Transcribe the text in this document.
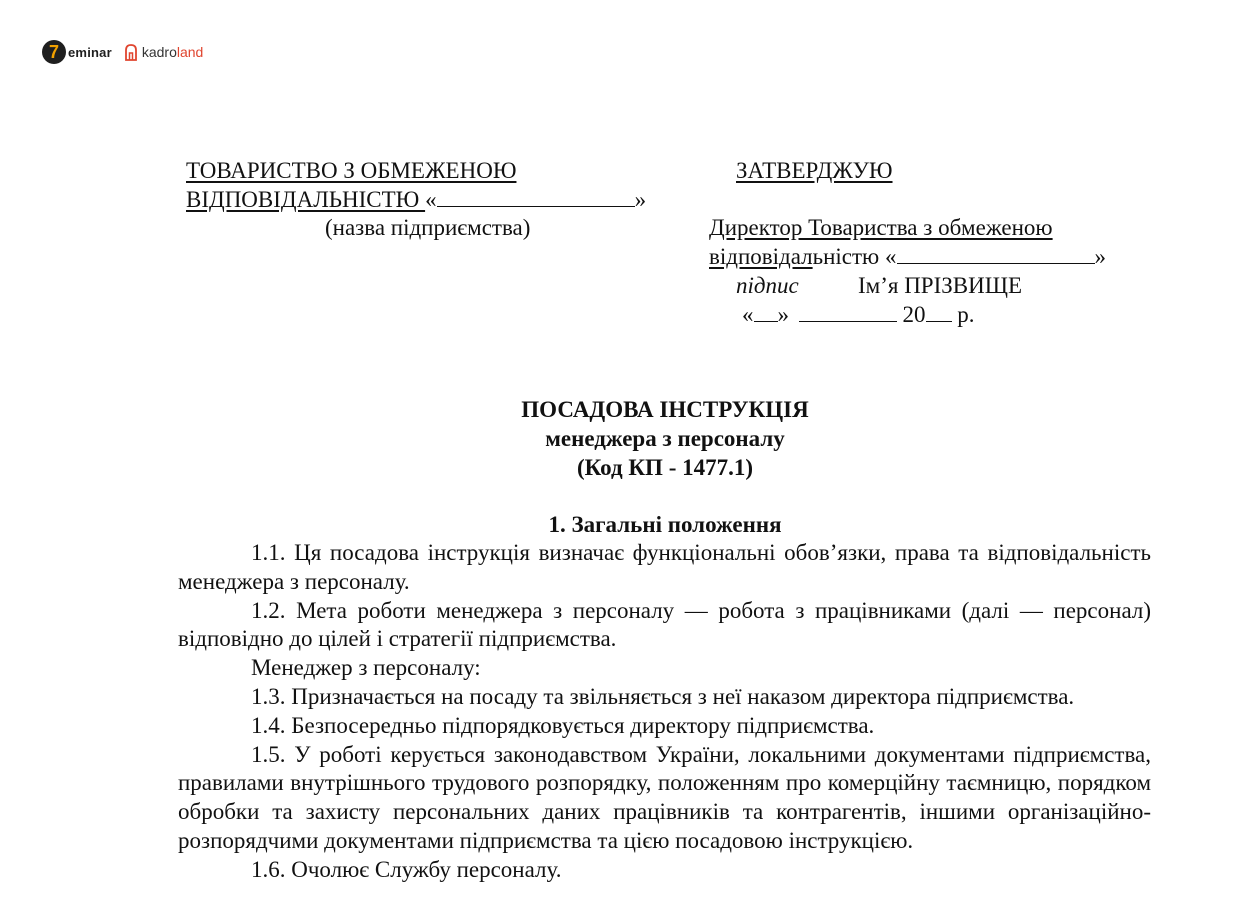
7 eminar kadro land
ТОВАРИСТВО З ОБМЕЖЕНОЮ
ВІДПОВІДАЛЬНІСТЮ «	»
(назва підприємства)
ЗАТВЕРДЖУЮ
Директор Товариства з обмеженою
відповідальністю «	»
підпис	Ім’я ПРІЗВИЩЕ
« »	20 р.
ПОСАДОВА ІНСТРУКЦІЯ
менеджера з персоналу
(Код КП - 1477.1)
1. Загальні положення

1.1. Ця посадова інструкція визначає функціональні обов’язки, права та відповідальність менеджера з персоналу.

1.2. Мета роботи менеджера з персоналу — робота з працівниками (далі — персонал) відповідно до цілей і стратегії підприємства.

Менеджер з персоналу:

1.3. Призначається на посаду та звільняється з неї наказом директора підприємства.

1.4. Безпосередньо підпорядковується директору підприємства.

1.5. У роботі керується законодавством України, локальними документами підприємства, правилами внутрішнього трудового розпорядку, положенням про комерційну таємницю, порядком обробки та захисту персональних даних працівників та контрагентів, іншими організаційно-розпорядчими документами підприємства та цією посадовою інструкцією.

1.6. Очолює Службу персоналу.
